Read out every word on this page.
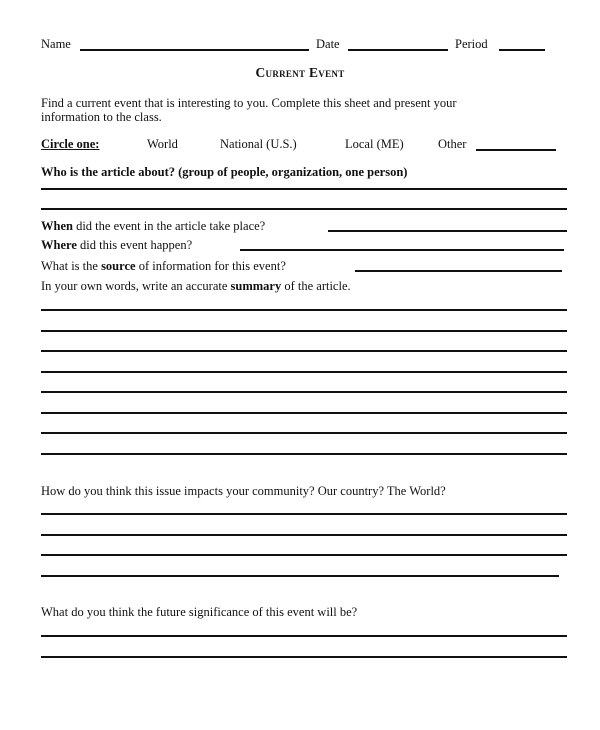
Name	Date	Period
Current Event
Find a current event that is interesting to you. Complete this sheet and present your
information to the class.
Circle one:	World	National (U.S.)	Local (ME)	Other
Who is the article about? (group of people, organization, one person)
When did the event in the article take place?
Where did this event happen?
What is the source of information for this event?
In your own words, write an accurate summary of the article.
How do you think this issue impacts your community? Our country? The World?
What do you think the future significance of this event will be?
